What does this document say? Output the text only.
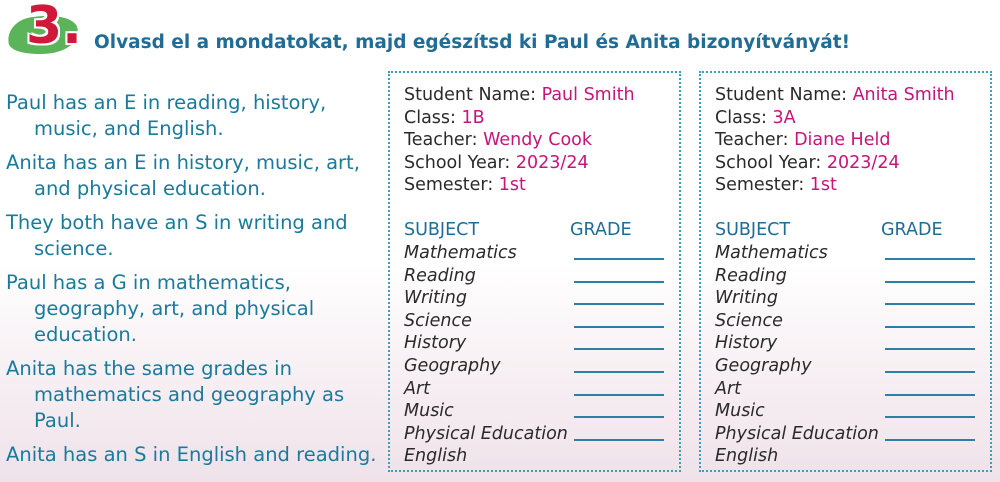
3. Olvasd el a mondatokat, majd egészítsd ki Paul és Anita bizonyítványát!

Paul has an E in reading, history, music, and English.

Anita has an E in history, music, art, and physical education.

They both have an S in writing and science.

Paul has a G in mathematics, geography, art, and physical education.

Anita has the same grades in mathematics and geography as Paul.

Anita has an S in English and reading.

Student Name: Paul Smith
Class: 1B
Teacher: Wendy Cook
School Year: 2023/24
Semester: 1st
SUBJECT	GRADE
Mathematics
Reading
Writing
Science
History
Geography
Art
Music
Physical Education
English
Student Name: Anita Smith
Class: 3A
Teacher: Diane Held
School Year: 2023/24
Semester: 1st
SUBJECT	GRADE
Mathematics
Reading
Writing
Science
History
Geography
Art
Music
Physical Education
English
